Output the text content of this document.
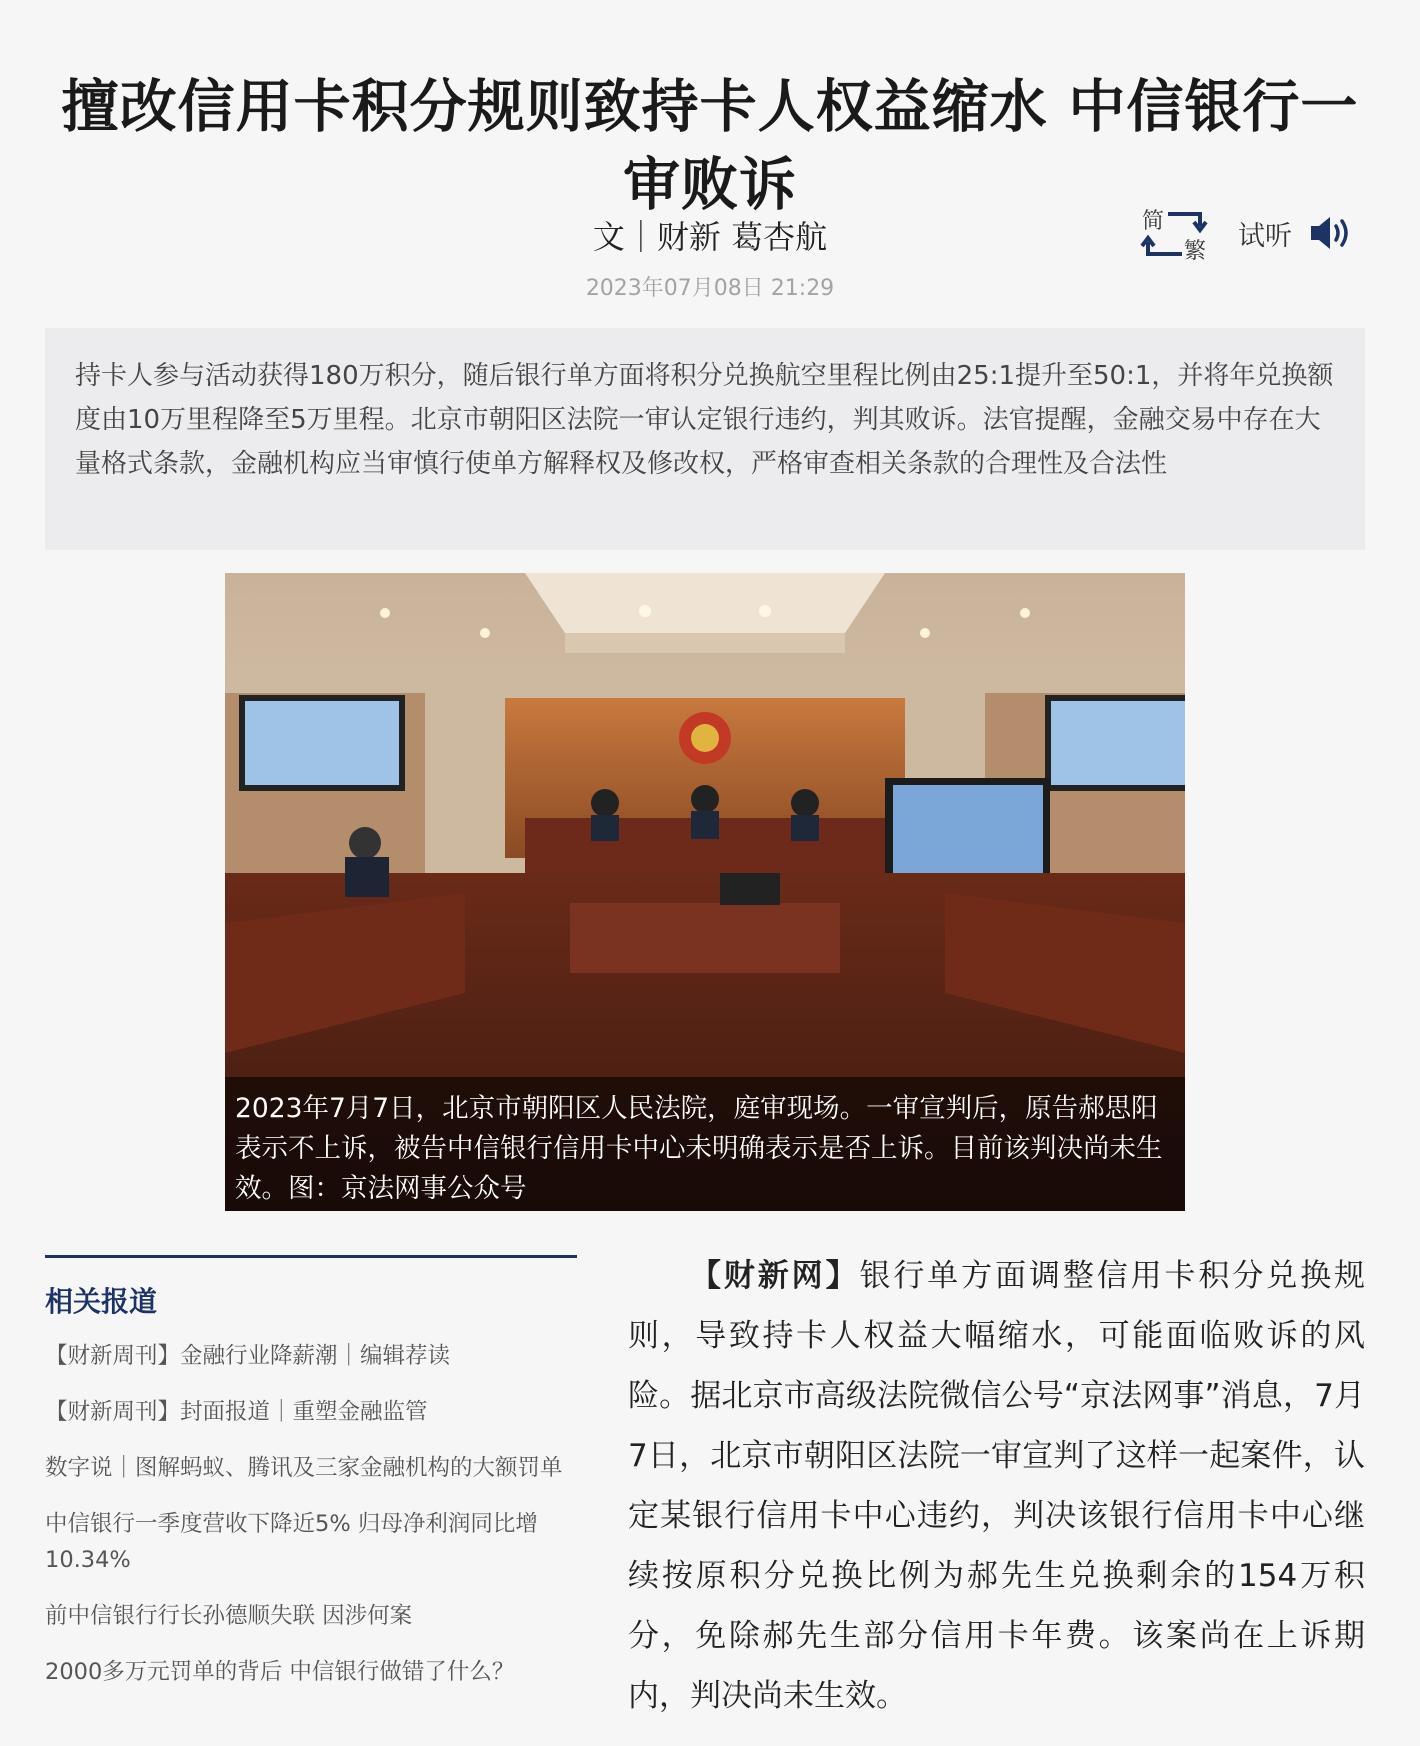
擅改信用卡积分规则致持卡人权益缩水 中信银行一审败诉
文｜财新 葛杏航
2023年07月08日 21:29
简
繁 试听
持卡人参与活动获得180万积分，随后银行单方面将积分兑换航空里程比例由25:1提升至50:1，并将年兑换额度由10万里程降至5万里程。北京市朝阳区法院一审认定银行违约，判其败诉。法官提醒，金融交易中存在大量格式条款，金融机构应当审慎行使单方解释权及修改权，严格审查相关条款的合理性及合法性
2023年7月7日，北京市朝阳区人民法院，庭审现场。一审宣判后，原告郝思阳表示不上诉，被告中信银行信用卡中心未明确表示是否上诉。目前该判决尚未生效。图：京法网事公众号
相关报道
【财新周刊】金融行业降薪潮｜编辑荐读
【财新周刊】封面报道｜重塑金融监管
数字说｜图解蚂蚁、腾讯及三家金融机构的大额罚单
中信银行一季度营收下降近5% 归母净利润同比增10.34%
前中信银行行长孙德顺失联 因涉何案
2000多万元罚单的背后 中信银行做错了什么？

【财新网】银行单方面调整信用卡积分兑换规则，导致持卡人权益大幅缩水，可能面临败诉的风险。据北京市高级法院微信公号“京法网事”消息，7月7日，北京市朝阳区法院一审宣判了这样一起案件，认定某银行信用卡中心违约，判决该银行信用卡中心继续按原积分兑换比例为郝先生兑换剩余的154万积分，免除郝先生部分信用卡年费。该案尚在上诉期内，判决尚未生效。
